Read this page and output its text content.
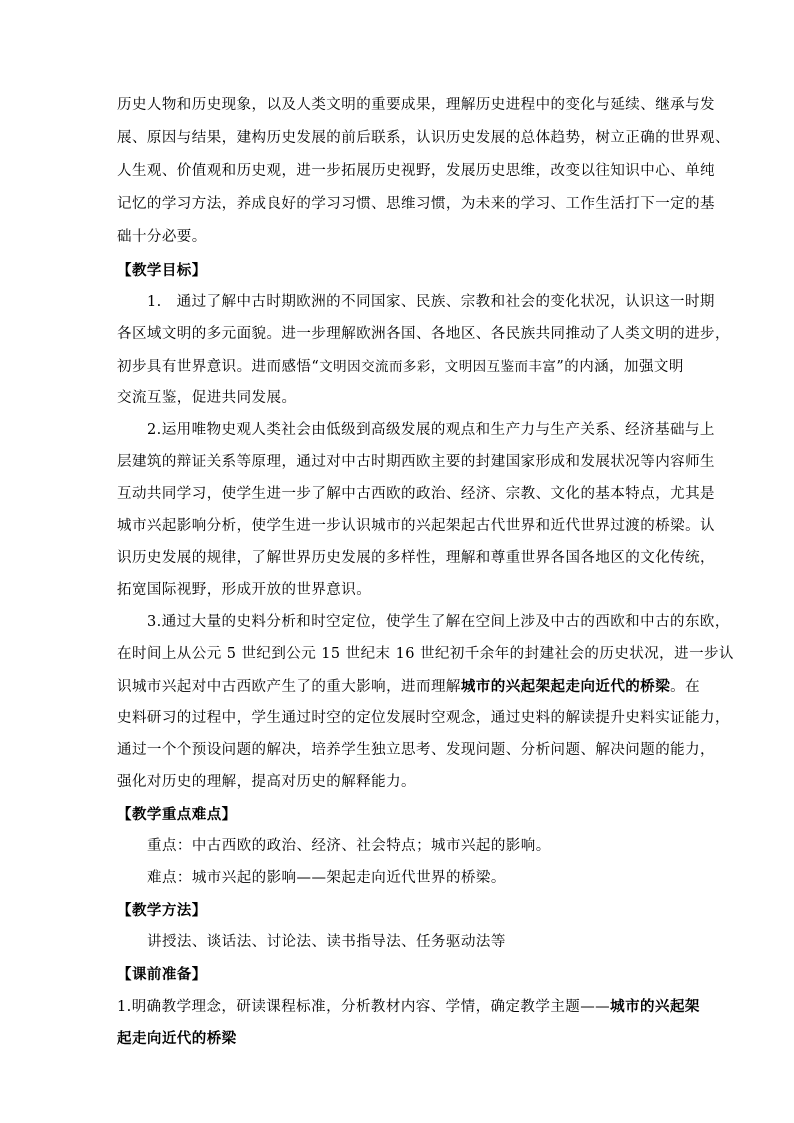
历史人物和历史现象，以及人类文明的重要成果，理解历史进程中的变化与延续、继承与发
展、原因与结果，建构历史发展的前后联系，认识历史发展的总体趋势，树立正确的世界观、
人生观、价值观和历史观，进一步拓展历史视野，发展历史思维，改变以往知识中心、单纯
记忆的学习方法，养成良好的学习习惯、思维习惯，为未来的学习、工作生活打下一定的基
础十分必要。
【教学目标】
1.　通过了解中古时期欧洲的不同国家、民族、宗教和社会的变化状况，认识这一时期
各区域文明的多元面貌。进一步理解欧洲各国、各地区、各民族共同推动了人类文明的进步，
初步具有世界意识。进而感悟“文明因交流而多彩，文明因互鉴而丰富”的内涵，加强文明
交流互鉴，促进共同发展。
2.运用唯物史观人类社会由低级到高级发展的观点和生产力与生产关系、经济基础与上
层建筑的辩证关系等原理，通过对中古时期西欧主要的封建国家形成和发展状况等内容师生
互动共同学习，使学生进一步了解中古西欧的政治、经济、宗教、文化的基本特点，尤其是
城市兴起影响分析，使学生进一步认识城市的兴起架起古代世界和近代世界过渡的桥梁。认
识历史发展的规律，了解世界历史发展的多样性，理解和尊重世界各国各地区的文化传统，
拓宽国际视野，形成开放的世界意识。
3.通过大量的史料分析和时空定位，使学生了解在空间上涉及中古的西欧和中古的东欧，
在时间上从公元 5 世纪到公元 15 世纪末 16 世纪初千余年的封建社会的历史状况，进一步认
识城市兴起对中古西欧产生了的重大影响，进而理解城市的兴起架起走向近代的桥梁。在
史料研习的过程中，学生通过时空的定位发展时空观念，通过史料的解读提升史料实证能力，
通过一个个预设问题的解决，培养学生独立思考、发现问题、分析问题、解决问题的能力，
强化对历史的理解，提高对历史的解释能力。
【教学重点难点】
重点：中古西欧的政治、经济、社会特点；城市兴起的影响。
难点：城市兴起的影响——架起走向近代世界的桥梁。
【教学方法】
讲授法、谈话法、讨论法、读书指导法、任务驱动法等
【课前准备】
1.明确教学理念，研读课程标准，分析教材内容、学情，确定教学主题——城市的兴起架
起走向近代的桥梁
